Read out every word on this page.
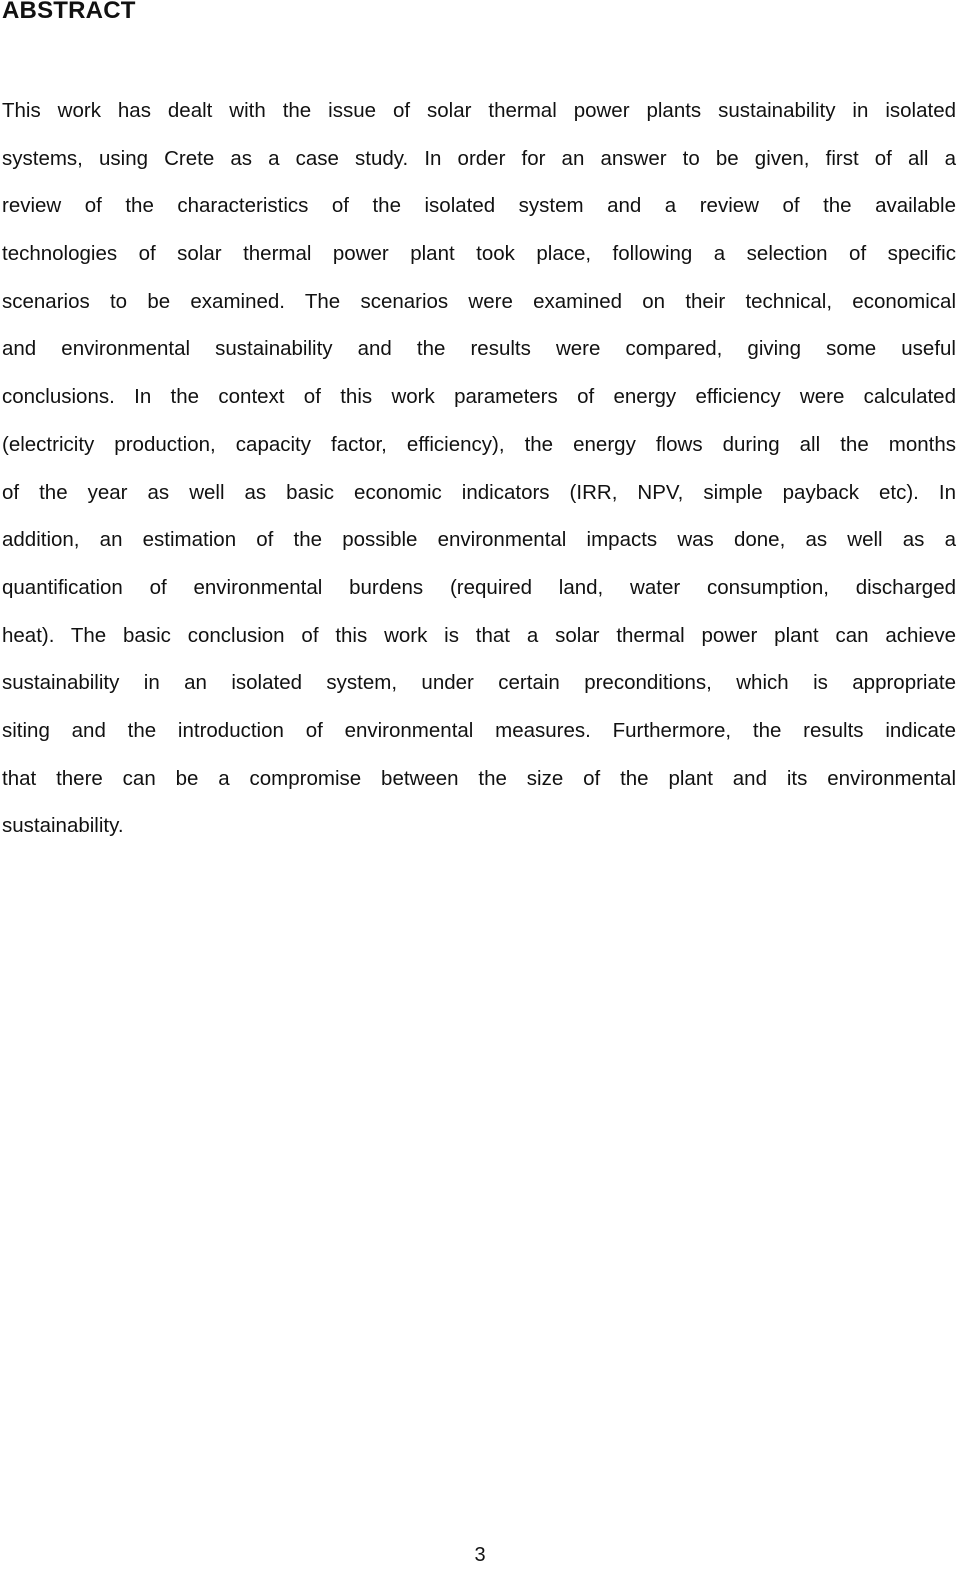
ABSTRACT
This work has dealt with the issue of solar thermal power plants sustainability in isolated
systems, using Crete as a case study. In order for an answer to be given, first of all a
review of the characteristics of the isolated system and a review of the available
technologies of solar thermal power plant took place, following a selection of specific
scenarios to be examined. The scenarios were examined on their technical, economical
and environmental sustainability and the results were compared, giving some useful
conclusions. In the context of this work parameters of energy efficiency were calculated
(electricity production, capacity factor, efficiency), the energy flows during all the months
of the year as well as basic economic indicators (IRR, NPV, simple payback etc). In
addition, an estimation of the possible environmental impacts was done, as well as a
quantification of environmental burdens (required land, water consumption, discharged
heat). The basic conclusion of this work is that a solar thermal power plant can achieve
sustainability in an isolated system, under certain preconditions, which is appropriate
siting and the introduction of environmental measures. Furthermore, the results indicate
that there can be a compromise between the size of the plant and its environmental
sustainability.
3
